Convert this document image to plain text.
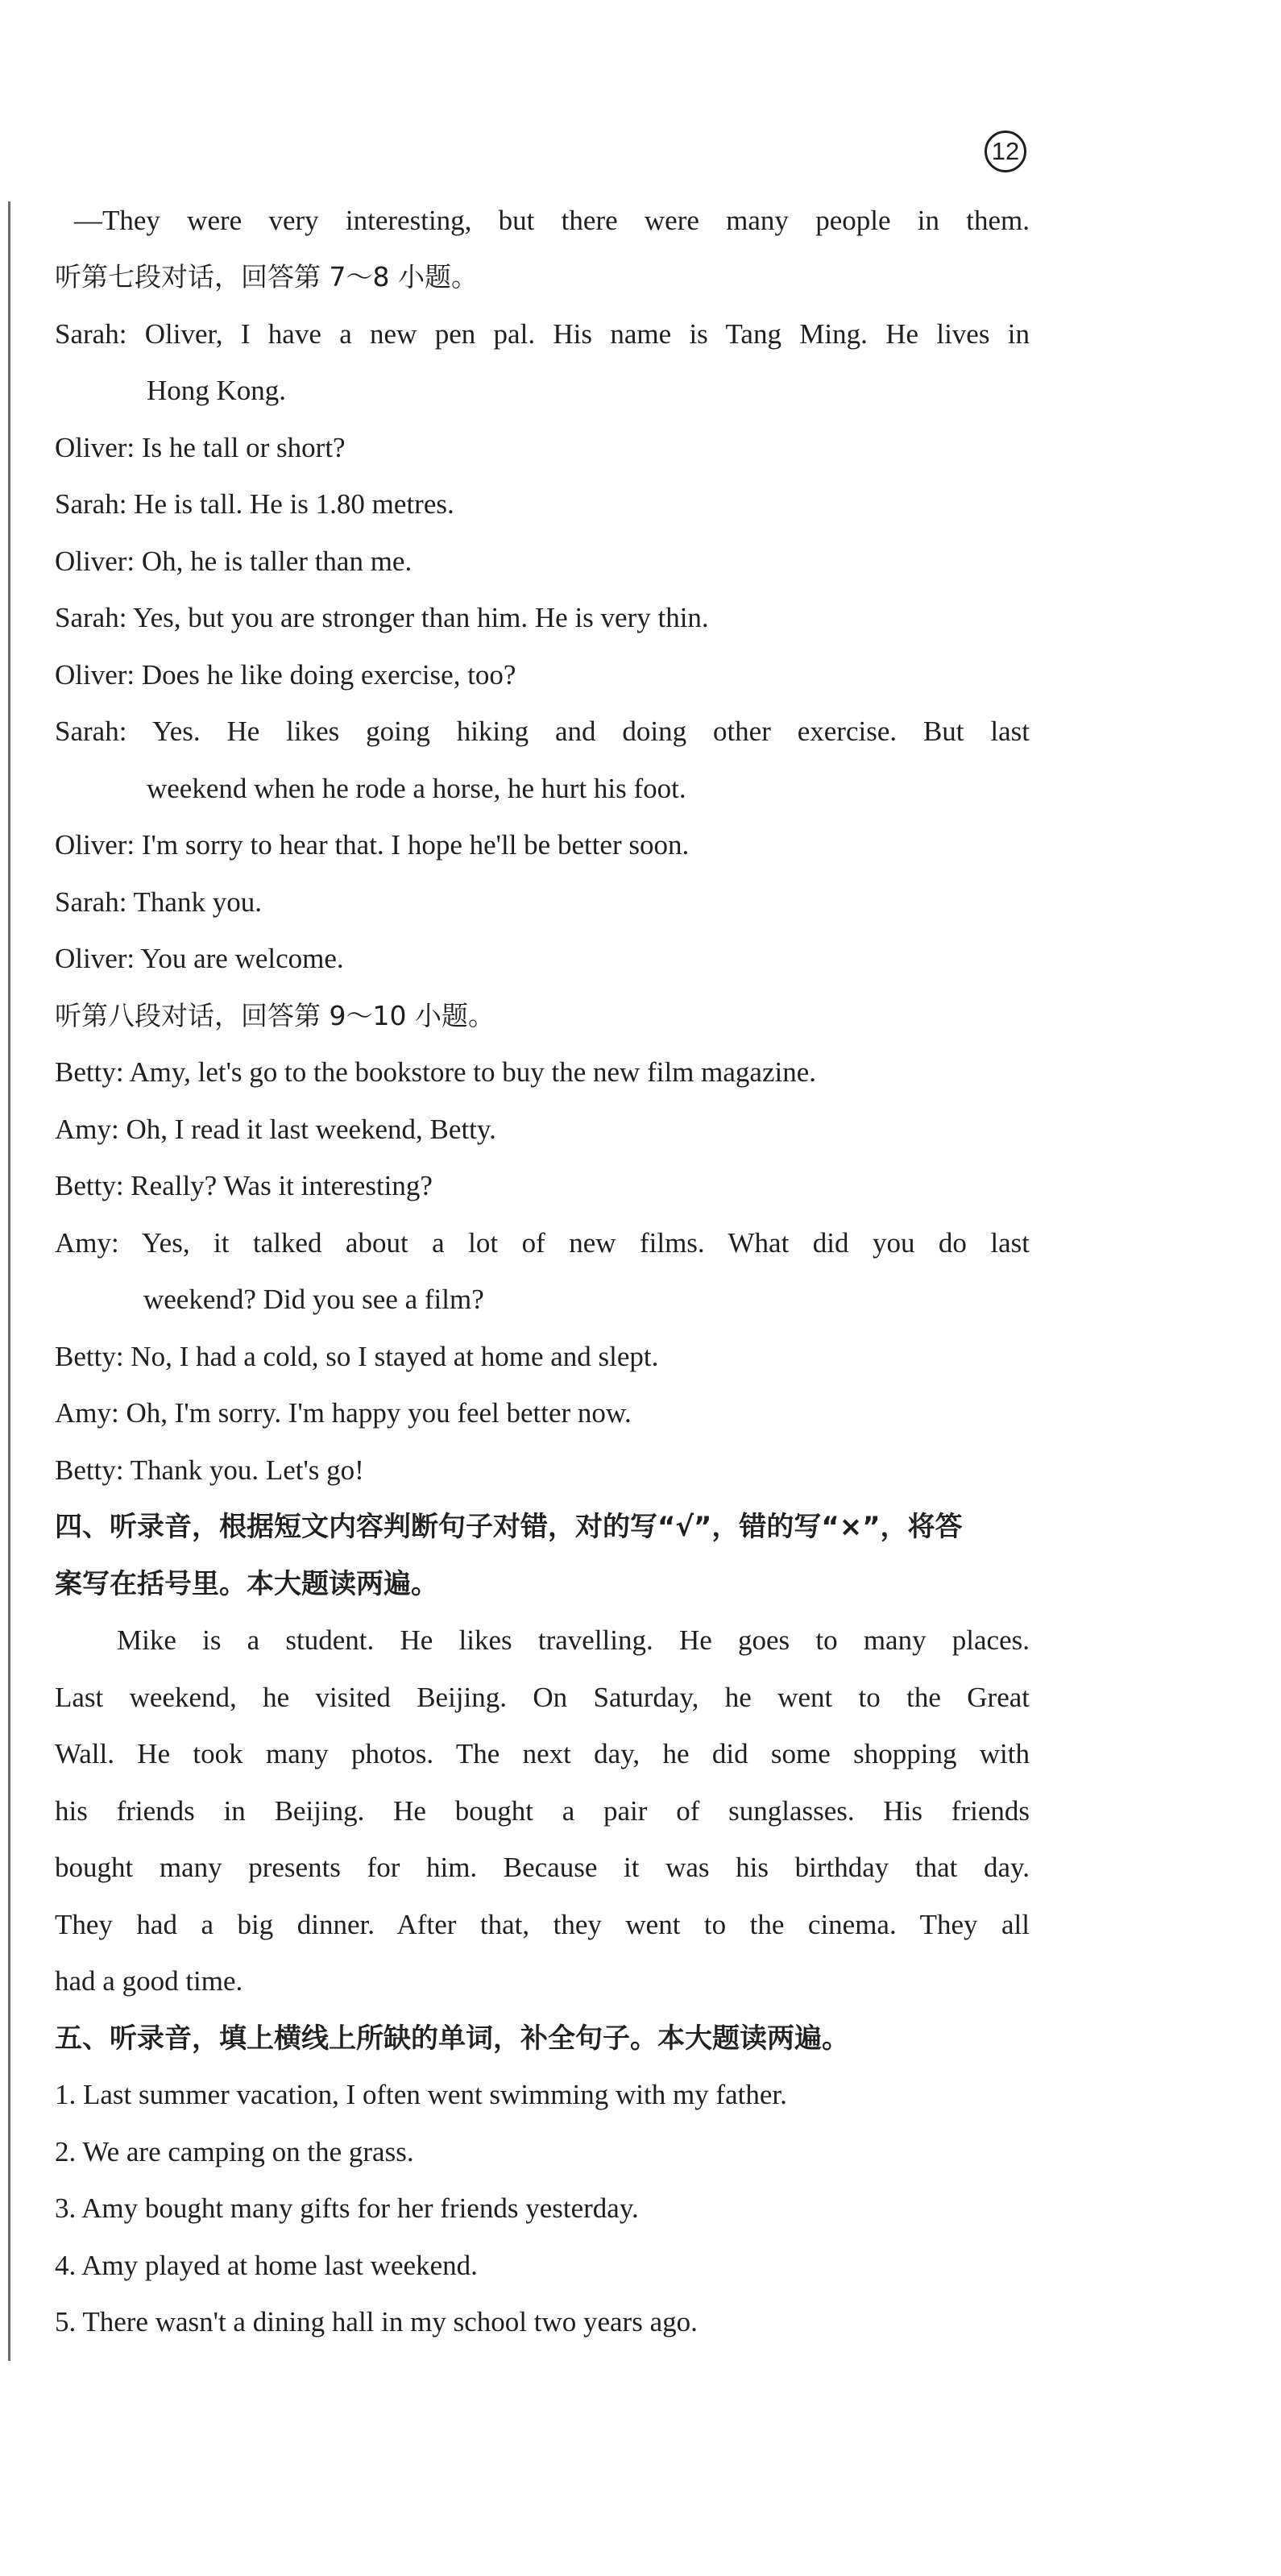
12
—They were very interesting, but there were many people in them.
听第七段对话，回答第 7～8 小题。
Sarah: Oliver, I have a new pen pal. His name is Tang Ming. He lives in
Hong Kong.
Oliver: Is he tall or short?
Sarah: He is tall. He is 1.80 metres.
Oliver: Oh, he is taller than me.
Sarah: Yes, but you are stronger than him. He is very thin.
Oliver: Does he like doing exercise, too?
Sarah: Yes. He likes going hiking and doing other exercise. But last
weekend when he rode a horse, he hurt his foot.
Oliver: I'm sorry to hear that. I hope he'll be better soon.
Sarah: Thank you.
Oliver: You are welcome.
听第八段对话，回答第 9～10 小题。
Betty: Amy, let's go to the bookstore to buy the new film magazine.
Amy: Oh, I read it last weekend, Betty.
Betty: Really? Was it interesting?
Amy: Yes, it talked about a lot of new films. What did you do last
weekend? Did you see a film?
Betty: No, I had a cold, so I stayed at home and slept.
Amy: Oh, I'm sorry. I'm happy you feel better now.
Betty: Thank you. Let's go!
四、听录音，根据短文内容判断句子对错，对的写“√”，错的写“×”，将答
案写在括号里。本大题读两遍。
Mike is a student. He likes travelling. He goes to many places.
Last weekend, he visited Beijing. On Saturday, he went to the Great
Wall. He took many photos. The next day, he did some shopping with
his friends in Beijing. He bought a pair of sunglasses. His friends
bought many presents for him. Because it was his birthday that day.
They had a big dinner. After that, they went to the cinema. They all
had a good time.
五、听录音，填上横线上所缺的单词，补全句子。本大题读两遍。
1. Last summer vacation, I often went swimming with my father.
2. We are camping on the grass.
3. Amy bought many gifts for her friends yesterday.
4. Amy played at home last weekend.
5. There wasn't a dining hall in my school two years ago.
